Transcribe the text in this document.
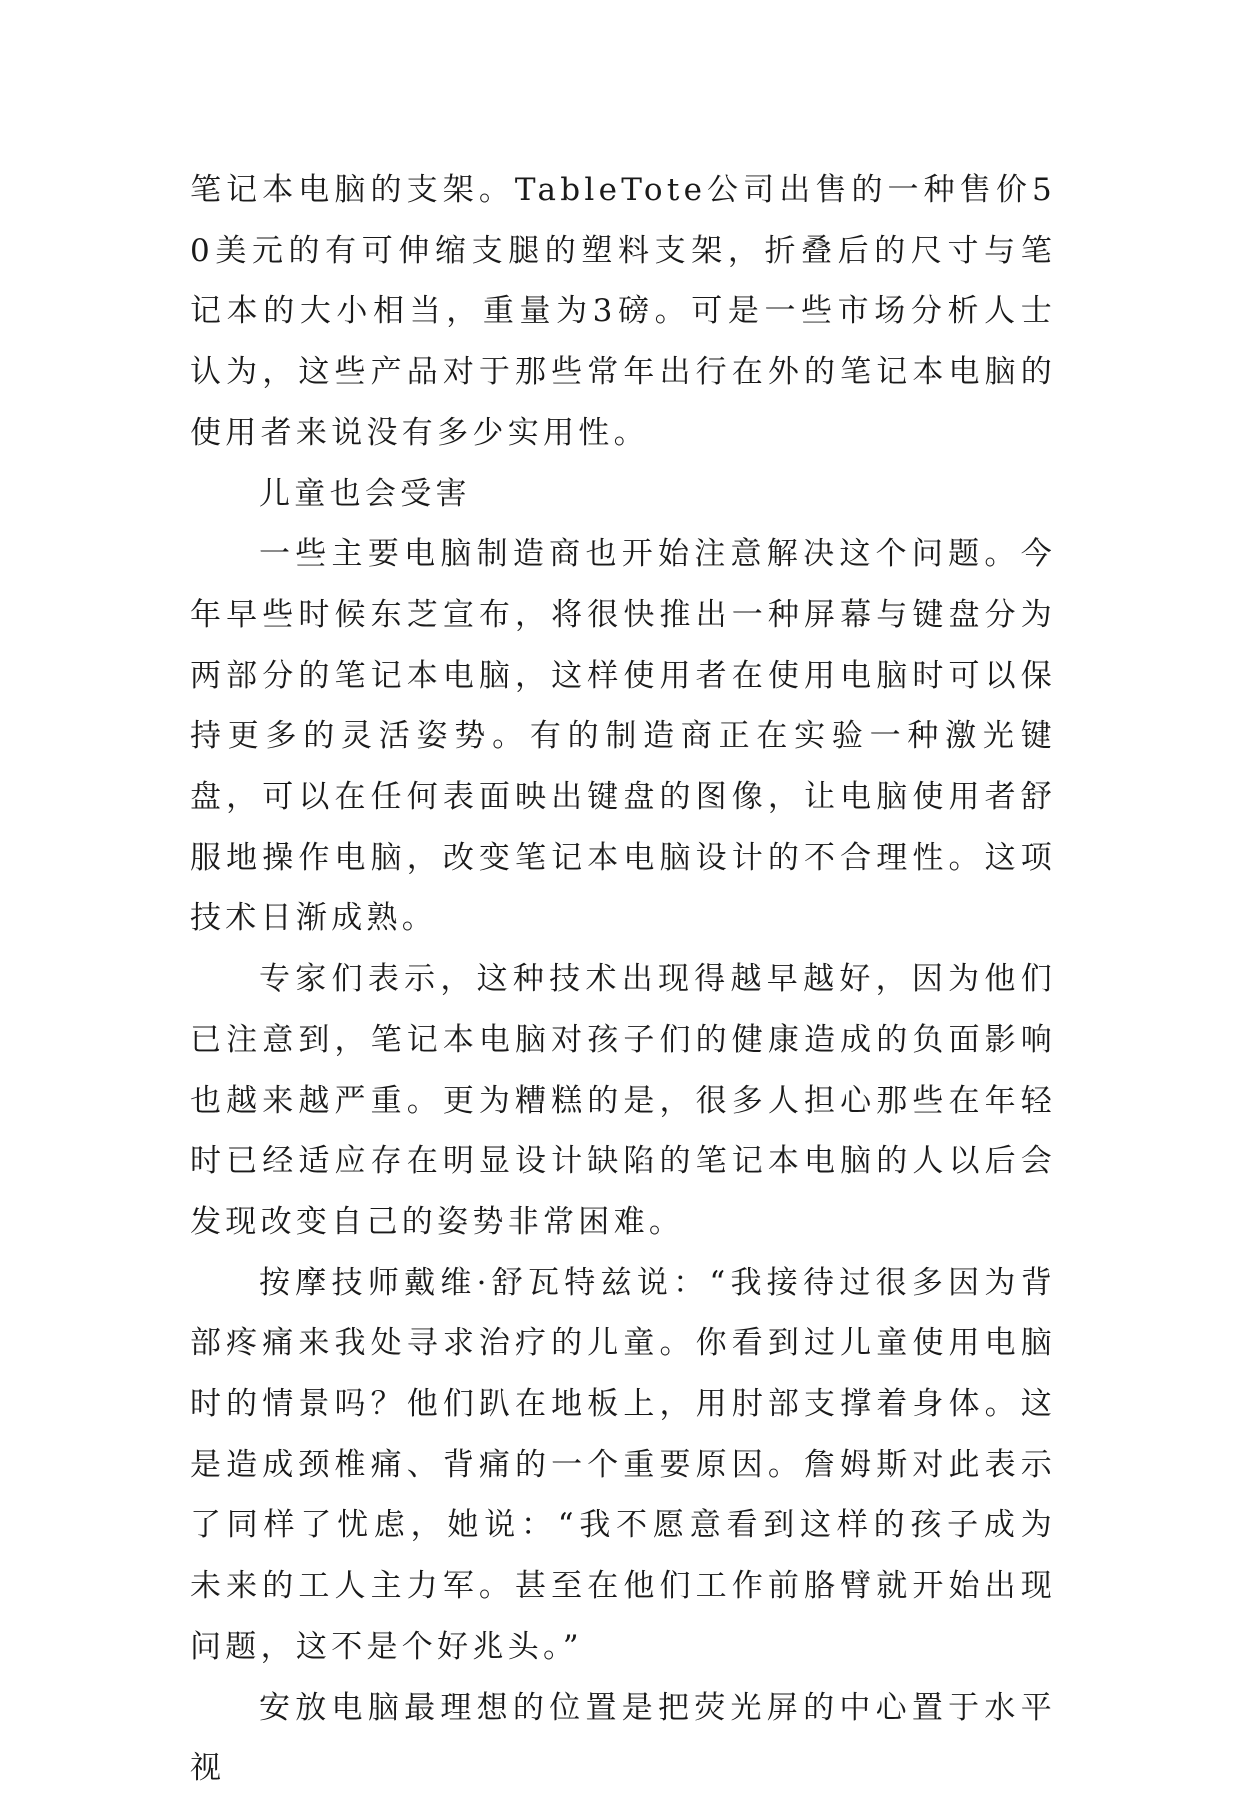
笔记本电脑的支架。TableTote公司出售的一种售价50美元的有可伸缩支腿的塑料支架，折叠后的尺寸与笔记本的大小相当，重量为3磅。可是一些市场分析人士认为，这些产品对于那些常年出行在外的笔记本电脑的使用者来说没有多少实用性。

儿童也会受害

一些主要电脑制造商也开始注意解决这个问题。今年早些时候东芝宣布，将很快推出一种屏幕与键盘分为两部分的笔记本电脑，这样使用者在使用电脑时可以保持更多的灵活姿势。有的制造商正在实验一种激光键盘，可以在任何表面映出键盘的图像，让电脑使用者舒服地操作电脑，改变笔记本电脑设计的不合理性。这项技术日渐成熟。

专家们表示，这种技术出现得越早越好，因为他们已注意到，笔记本电脑对孩子们的健康造成的负面影响也越来越严重。更为糟糕的是，很多人担心那些在年轻时已经适应存在明显设计缺陷的笔记本电脑的人以后会发现改变自己的姿势非常困难。

按摩技师戴维·舒瓦特兹说：“我接待过很多因为背部疼痛来我处寻求治疗的儿童。你看到过儿童使用电脑时的情景吗？他们趴在地板上，用肘部支撑着身体。这是造成颈椎痛、背痛的一个重要原因。詹姆斯对此表示了同样了忧虑，她说：“我不愿意看到这样的孩子成为未来的工人主力军。甚至在他们工作前胳臂就开始出现问题，这不是个好兆头。”

安放电脑最理想的位置是把荧光屏的中心置于水平视
